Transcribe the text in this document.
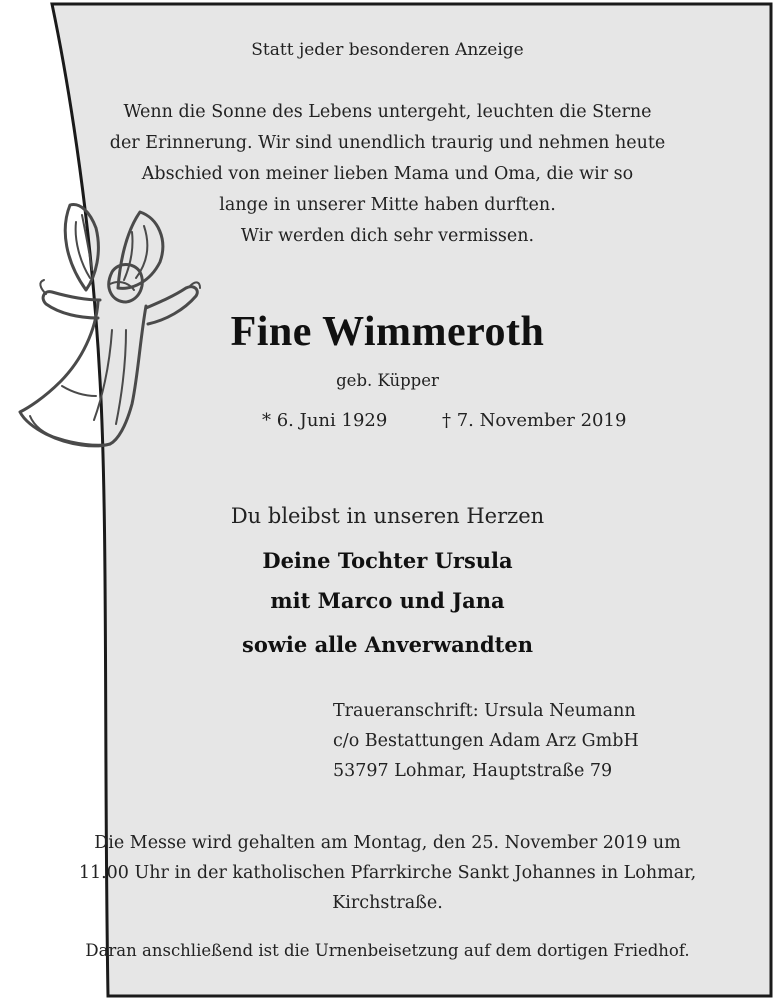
Statt jeder besonderen Anzeige
Wenn die Sonne des Lebens untergeht, leuchten die Sterne
der Erinnerung. Wir sind unendlich traurig und nehmen heute
Abschied von meiner lieben Mama und Oma, die wir so
lange in unserer Mitte haben durften.
Wir werden dich sehr vermissen.
Fine Wimmeroth
geb. Küpper
* 6. Juni 1929	† 7. November 2019
Du bleibst in unseren Herzen
Deine Tochter Ursula
mit Marco und Jana
sowie alle Anverwandten
Traueranschrift: Ursula Neumann
c/o Bestattungen Adam Arz GmbH
53797 Lohmar, Hauptstraße 79
Die Messe wird gehalten am Montag, den 25. November 2019 um
11.00 Uhr in der katholischen Pfarrkirche Sankt Johannes in Lohmar,
Kirchstraße.
Daran anschließend ist die Urnenbeisetzung auf dem dortigen Friedhof.
